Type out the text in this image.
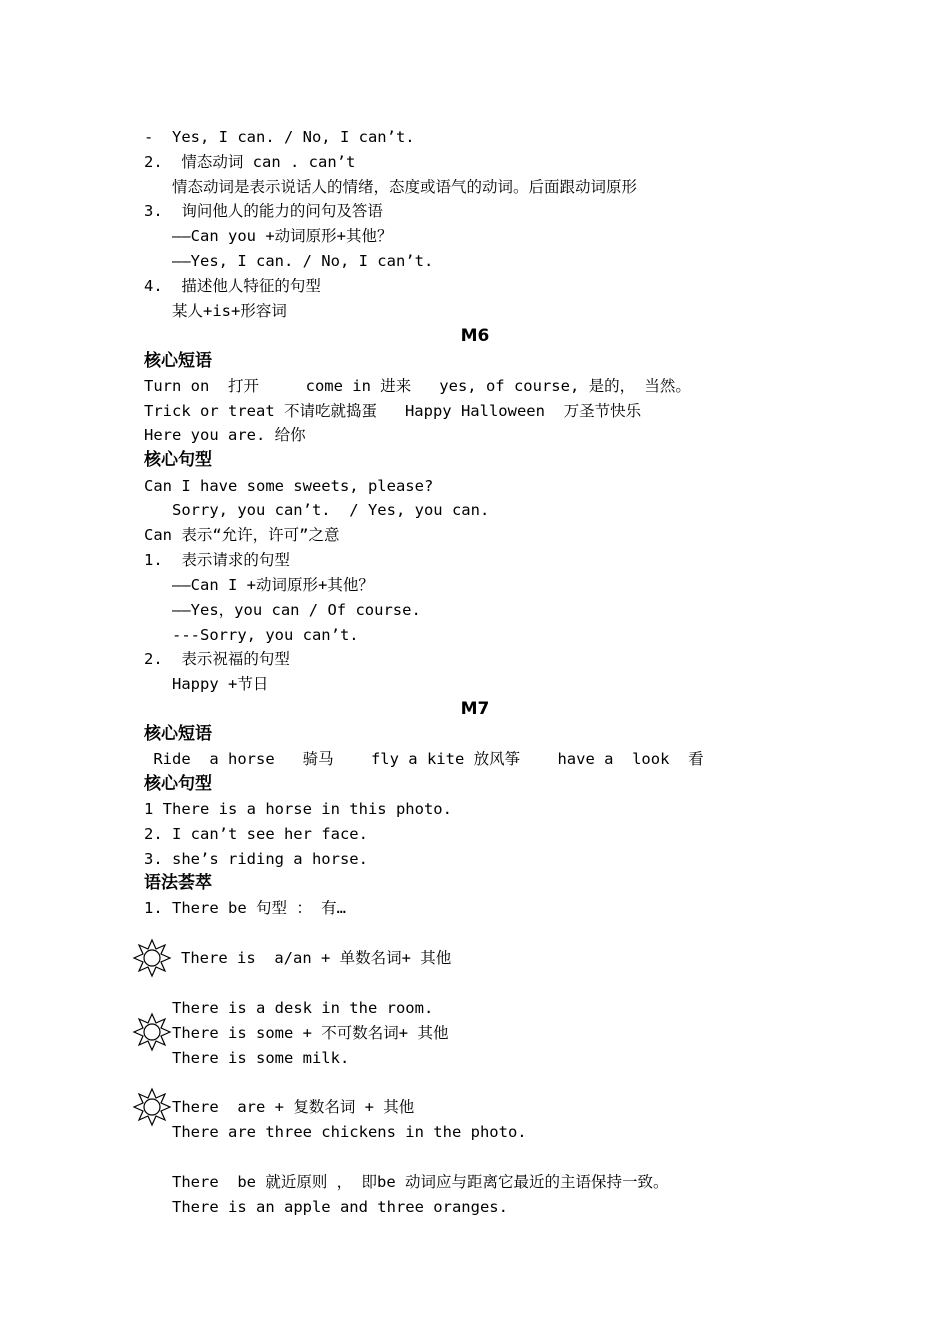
-  Yes, I can. / No, I can’t.
2.  情态动词 can . can’t
情态动词是表示说话人的情绪，态度或语气的动词。后面跟动词原形
3.  询问他人的能力的问句及答语
——Can you +动词原形+其他？
——Yes, I can. / No, I can’t.
4.  描述他人特征的句型
某人+is+形容词
M6
核心短语
Turn on  打开     come in 进来   yes, of course, 是的， 当然。
Trick or treat 不请吃就捣蛋   Happy Halloween  万圣节快乐
Here you are. 给你
核心句型
Can I have some sweets, please?
Sorry, you can’t.  / Yes, you can.
Can 表示“允许，许可”之意
1.  表示请求的句型
——Can I +动词原形+其他？
——Yes，you can / Of course.
---Sorry, you can’t.
2.  表示祝福的句型
Happy +节日
M7
核心短语
Ride  a horse   骑马    fly a kite 放风筝    have a  look  看
核心句型
1 There is a horse in this photo.
2. I can’t see her face.
3. she’s riding a horse.
语法荟萃
1. There be 句型 ： 有…
There is  a/an + 单数名词+ 其他
There is a desk in the room.
There is some + 不可数名词+ 其他
There is some milk.
There  are + 复数名词 + 其他
There are three chickens in the photo.
There  be 就近原则 ， 即be 动词应与距离它最近的主语保持一致。
There is an apple and three oranges.
